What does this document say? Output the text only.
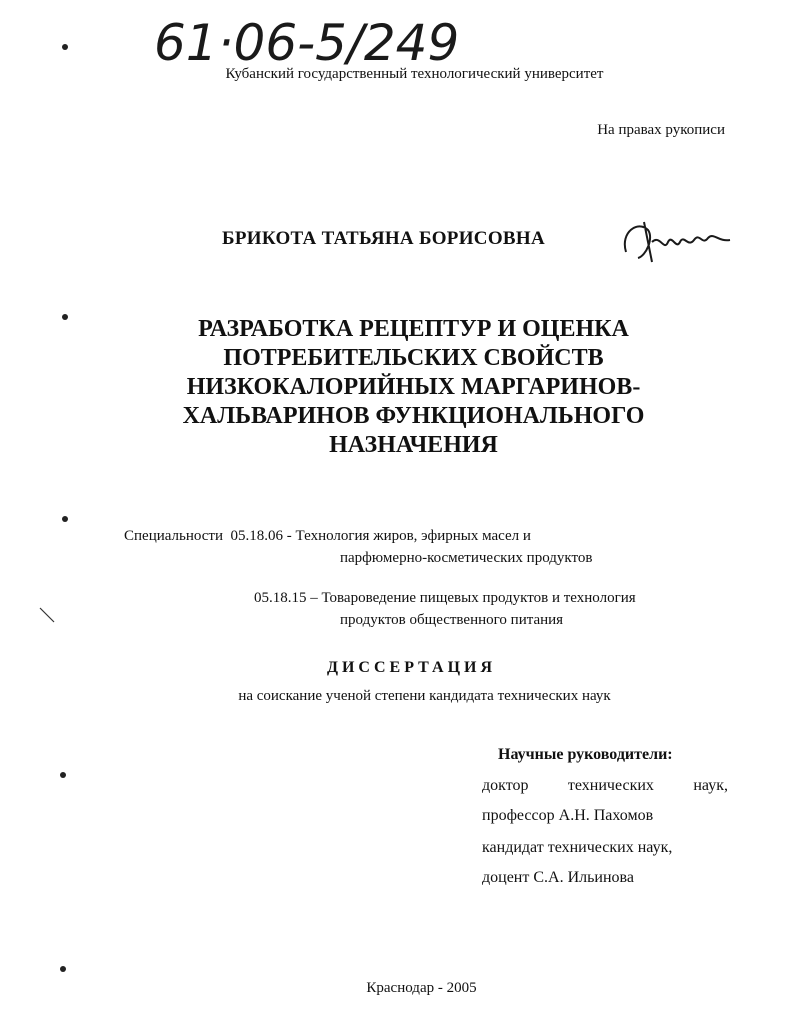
61·06-5/249
Кубанский государственный технологический университет
На правах рукописи
БРИКОТА ТАТЬЯНА БОРИСОВНА
РАЗРАБОТКА РЕЦЕПТУР И ОЦЕНКА
ПОТРЕБИТЕЛЬСКИХ СВОЙСТВ
НИЗКОКАЛОРИЙНЫХ МАРГАРИНОВ-
ХАЛЬВАРИНОВ ФУНКЦИОНАЛЬНОГО
НАЗНАЧЕНИЯ
Специальности 05.18.06 - Технология жиров, эфирных масел и
парфюмерно-косметических продуктов
05.18.15 – Товароведение пищевых продуктов и технология
продуктов общественного питания
ДИССЕРТАЦИЯ
на соискание ученой степени кандидата технических наук
Научные руководители:
доктор технических наук,
профессор А.Н. Пахомов
кандидат технических наук,
доцент С.А. Ильинова
Краснодар - 2005
